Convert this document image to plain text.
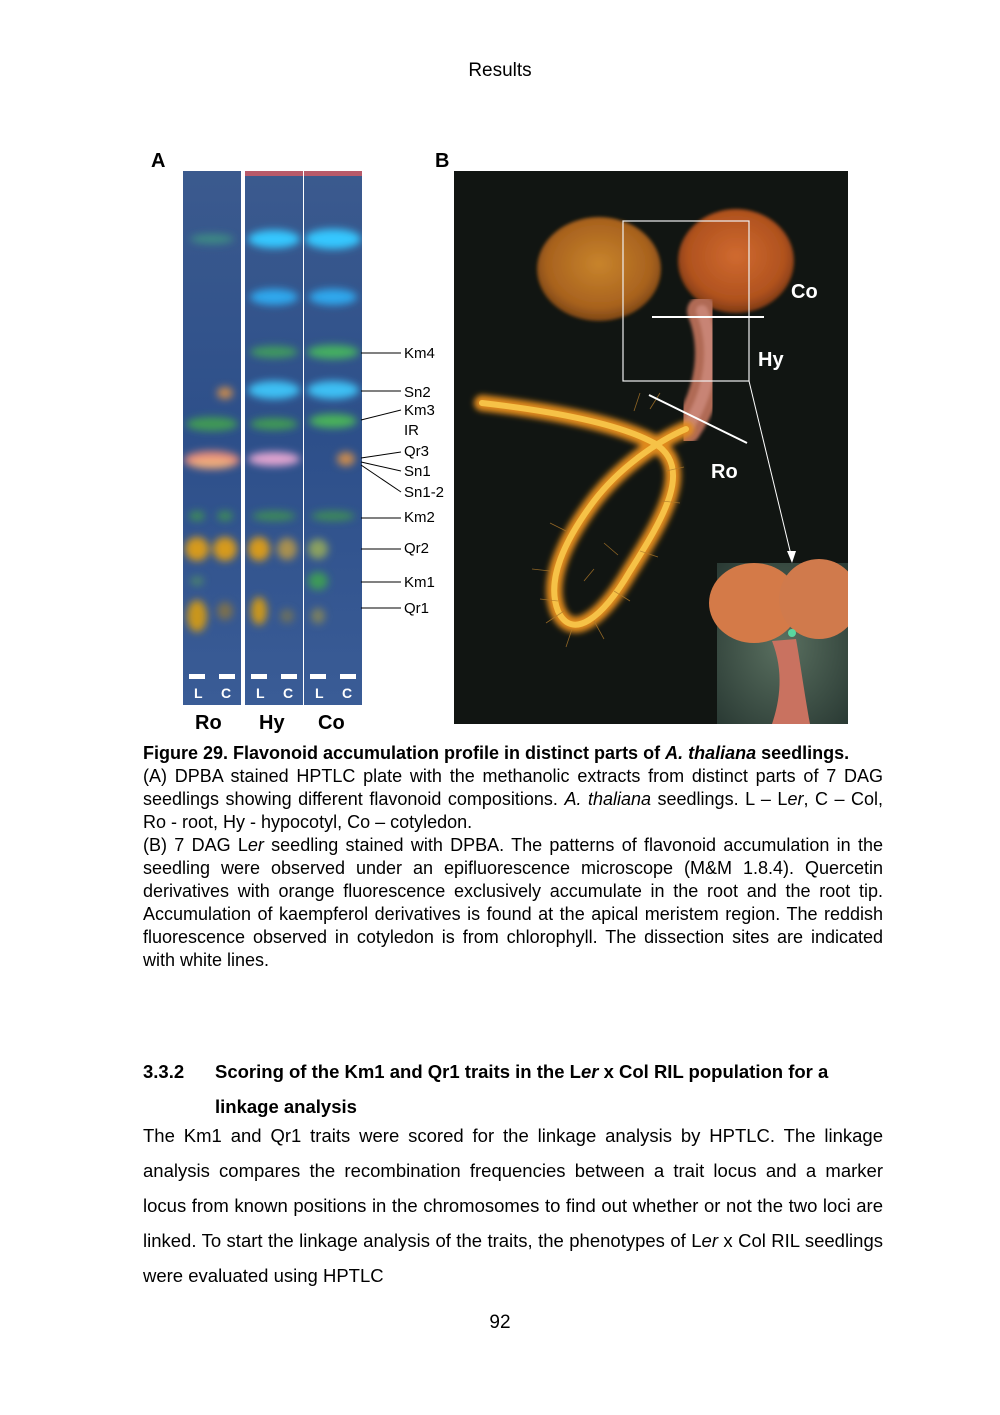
Results
A	B
L C L C L C
Ro Hy Co
Km4
Sn2
Km3
IR
Qr3
Sn1
Sn1-2
Km2
Qr2
Km1
Qr1
Co
Hy
Ro

Figure 29. Flavonoid accumulation profile in distinct parts of A. thaliana seedlings.

(A) DPBA stained HPTLC plate with the methanolic extracts from distinct parts of 7 DAG seedlings showing different flavonoid compositions. A. thaliana seedlings. L – Ler, C – Col, Ro - root, Hy - hypocotyl, Co – cotyledon.

(B) 7 DAG Ler seedling stained with DPBA. The patterns of flavonoid accumulation in the seedling were observed under an epifluorescence microscope (M&M 1.8.4). Quercetin derivatives with orange fluorescence exclusively accumulate in the root and the root tip. Accumulation of kaempferol derivatives is found at the apical meristem region. The reddish fluorescence observed in cotyledon is from chlorophyll. The dissection sites are indicated with white lines.

3.3.2 Scoring of the Km1 and Qr1 traits in the Ler x Col RIL population for a linkage analysis

The Km1 and Qr1 traits were scored for the linkage analysis by HPTLC. The linkage analysis compares the recombination frequencies between a trait locus and a marker locus from known positions in the chromosomes to find out whether or not the two loci are linked. To start the linkage analysis of the traits, the phenotypes of Ler x Col RIL seedlings were evaluated using HPTLC

92
